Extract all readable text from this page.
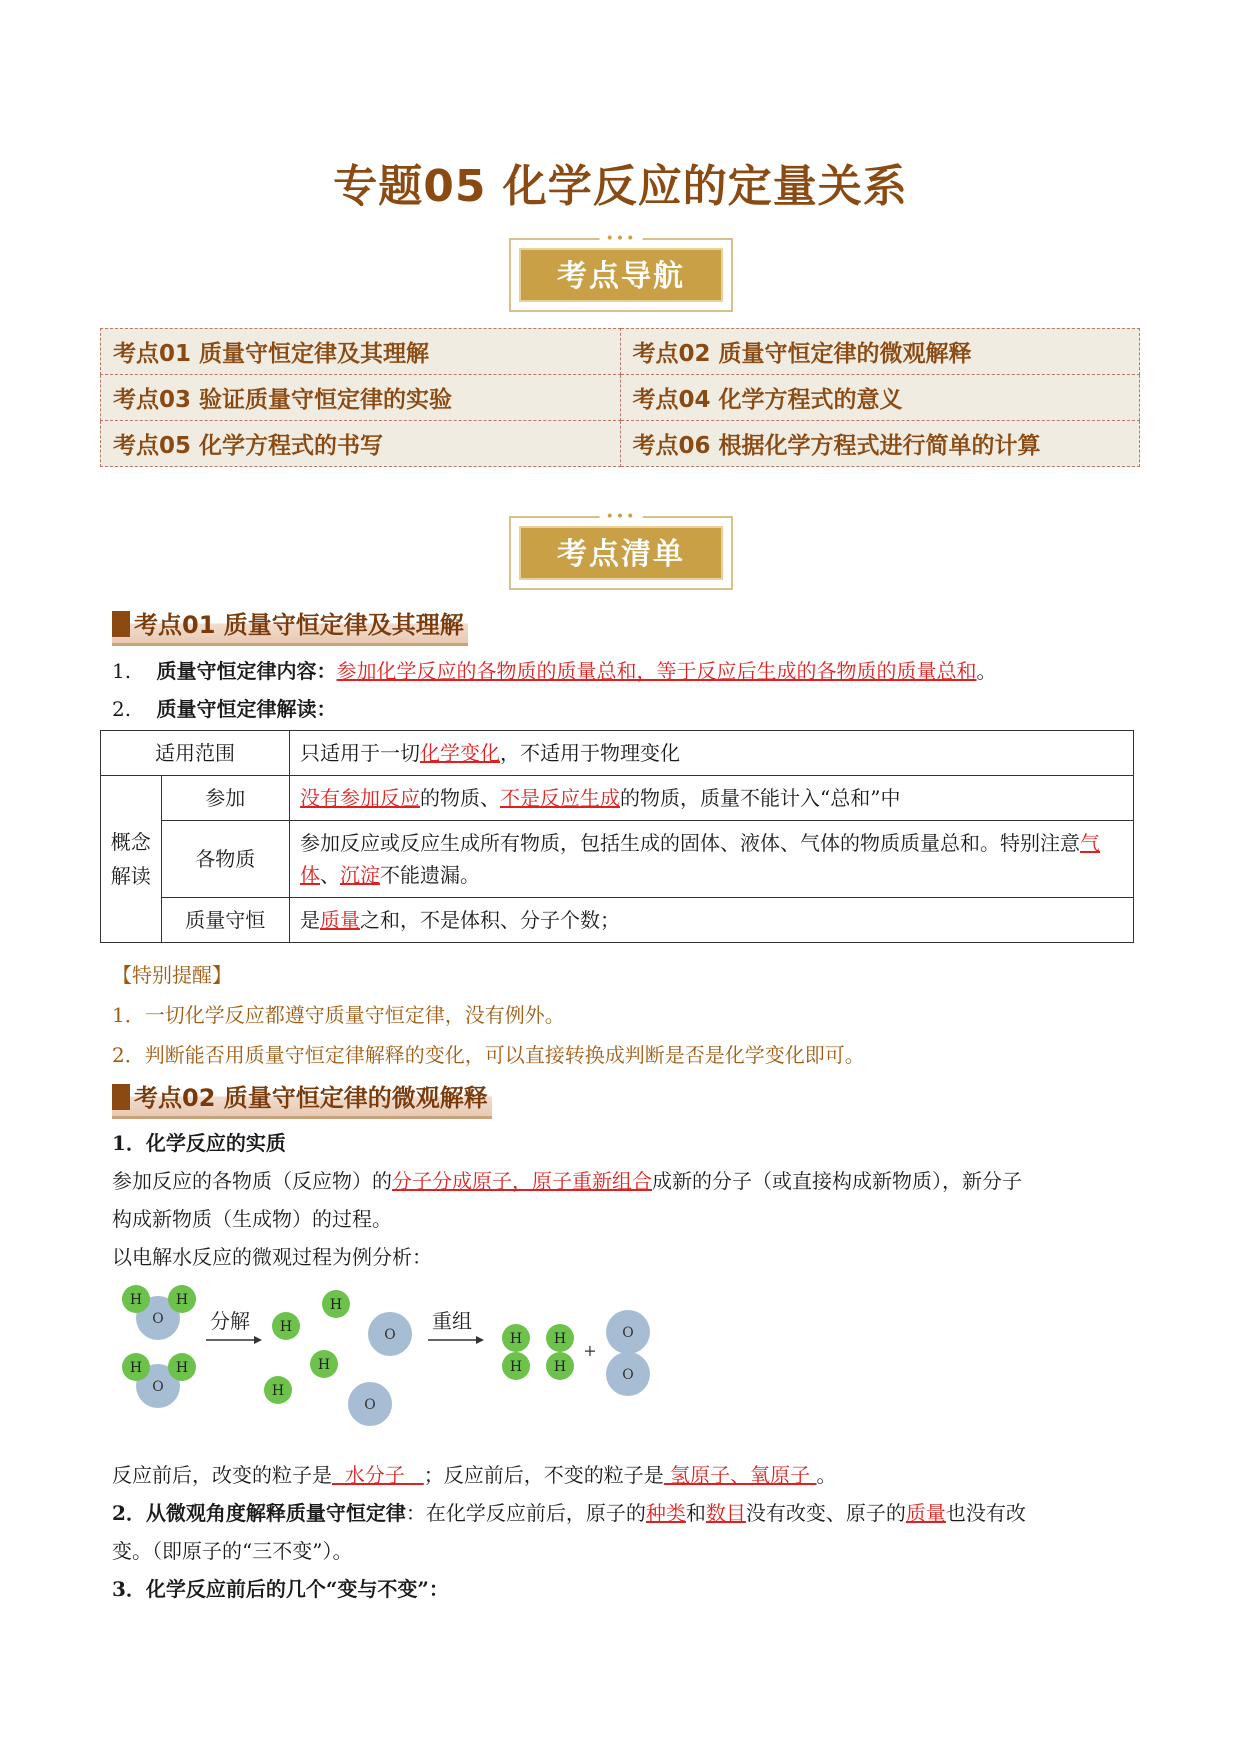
专题05 化学反应的定量关系
•••
考点导航
考点01 质量守恒定律及其理解	考点02 质量守恒定律的微观解释
考点03 验证质量守恒定律的实验	考点04 化学方程式的意义
考点05 化学方程式的书写	考点06 根据化学方程式进行简单的计算
•••
考点清单
考点01 质量守恒定律及其理解
1. 质量守恒定律内容：参加化学反应的各物质的质量总和，等于反应后生成的各物质的质量总和。
2. 质量守恒定律解读：
适用范围		只适用于一切化学变化，不适用于物理变化

概念解读	参加	没有参加反应的物质、不是反应生成的物质，质量不能计入“总和”中
	各物质	参加反应或反应生成所有物质，包括生成的固体、液体、气体的物质质量总和。特别注意气体、沉淀不能遗漏。
	质量守恒	是质量之和，不是体积、分子个数；
【特别提醒】
1．一切化学反应都遵守质量守恒定律，没有例外。
2．判断能否用质量守恒定律解释的变化，可以直接转换成判断是否是化学变化即可。
考点02 质量守恒定律的微观解释
1．化学反应的实质
参加反应的各物质（反应物）的分子分成原子，原子重新组合成新的分子（或直接构成新物质），新分子
构成新物质（生成物）的过程。
以电解水反应的微观过程为例分析：
O
H H
O
H H
分解 H
H
H
H
O
O
重组
H
H
H
H
+
O
O
反应前后，改变的粒子是  水分子   ；反应前后，不变的粒子是 氢原子、氧原子 。
2．从微观角度解释质量守恒定律：在化学反应前后，原子的种类和数目没有改变、原子的质量也没有改
变。（即原子的“三不变”）。
3．化学反应前后的几个“变与不变”：
